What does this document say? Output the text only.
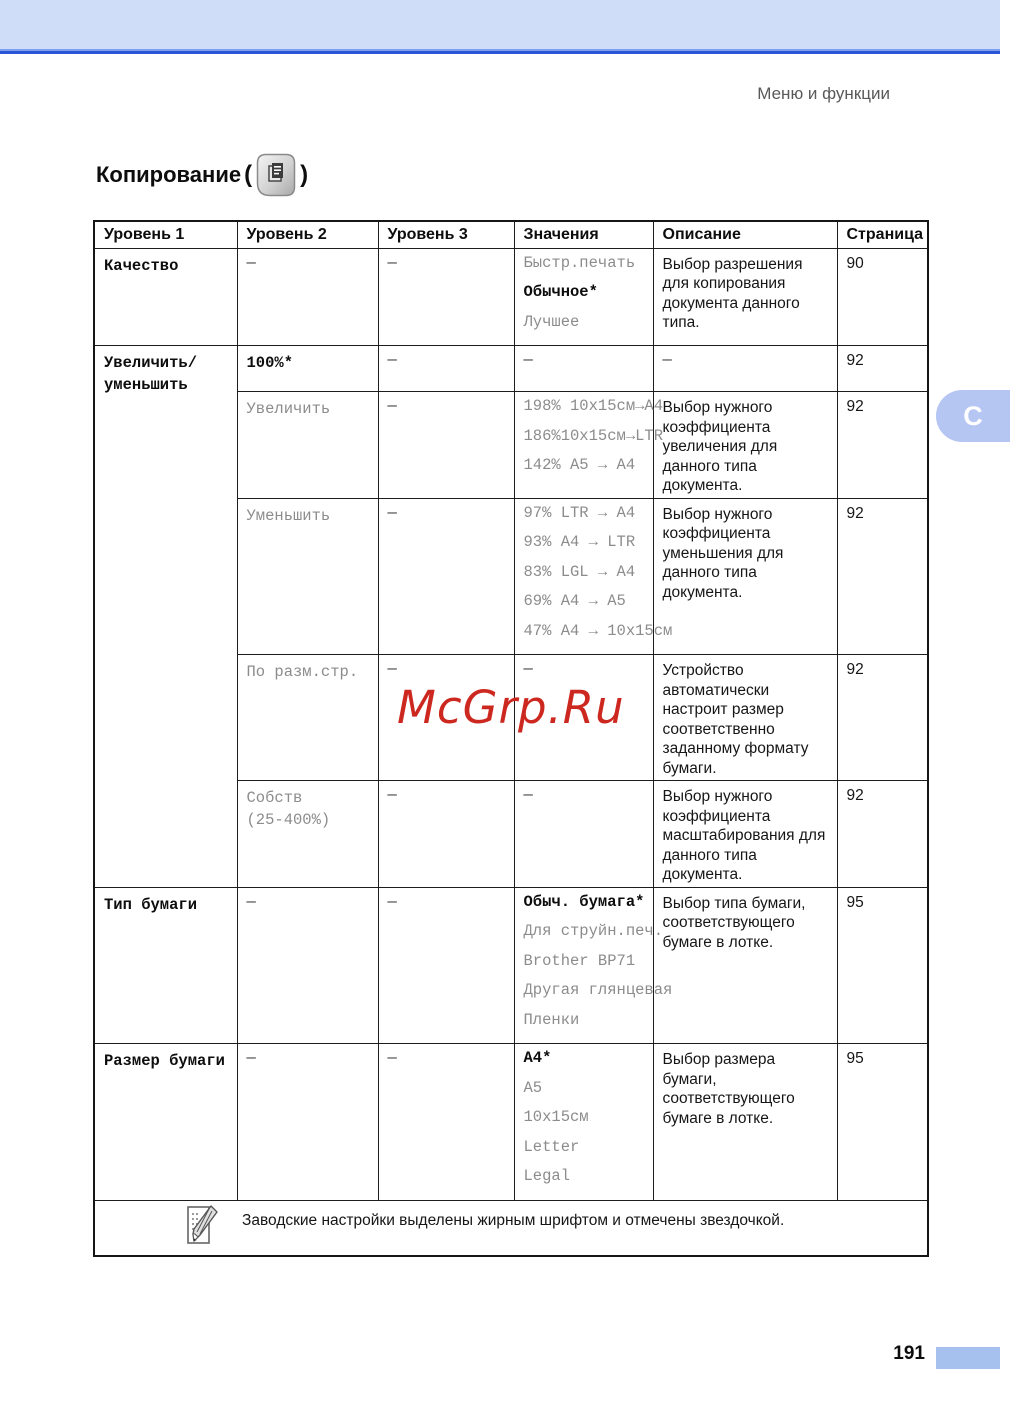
Меню и функции
Копирование ( )
Уровень 1	Уровень 2	Уровень 3	Значения	Описание	Страница

Качество	—	—	Быстр.печать
Обычное*
Лучшее	Выбор разрешения для копирования документа данного типа.	90

Увеличить/
уменьшить	100%*	—	—	—	92

	Увеличить	—	198% 10x15см→A4
186%10x15см→LTR
142% A5 → A4	Выбор нужного коэффициента увеличения для данного типа документа.	92

	Уменьшить	—	97% LTR → A4
93% A4 → LTR
83% LGL → A4
69% A4 → A5
47% A4 → 10x15см	Выбор нужного коэффициента уменьшения для данного типа документа.	92

	По разм.стр.	—	—	Устройство автоматически настроит размер соответственно заданному формату бумаги.	92

	Собств
(25-400%)	—	—	Выбор нужного коэффициента масштабирования для данного типа документа.	92

Тип бумаги	—	—	Обыч. бумага*
Для струйн.печ.
Brother BP71
Другая глянцевая
Пленки	Выбор типа бумаги, соответствующего бумаге в лотке.	95

Размер бумаги	—	—	A4*
A5
10x15см
Letter
Legal	Выбор размера бумаги, соответствующего бумаге в лотке.	95

Заводские настройки выделены жирным шрифтом и отмечены звездочкой.					
C
McGrp.Ru
191
